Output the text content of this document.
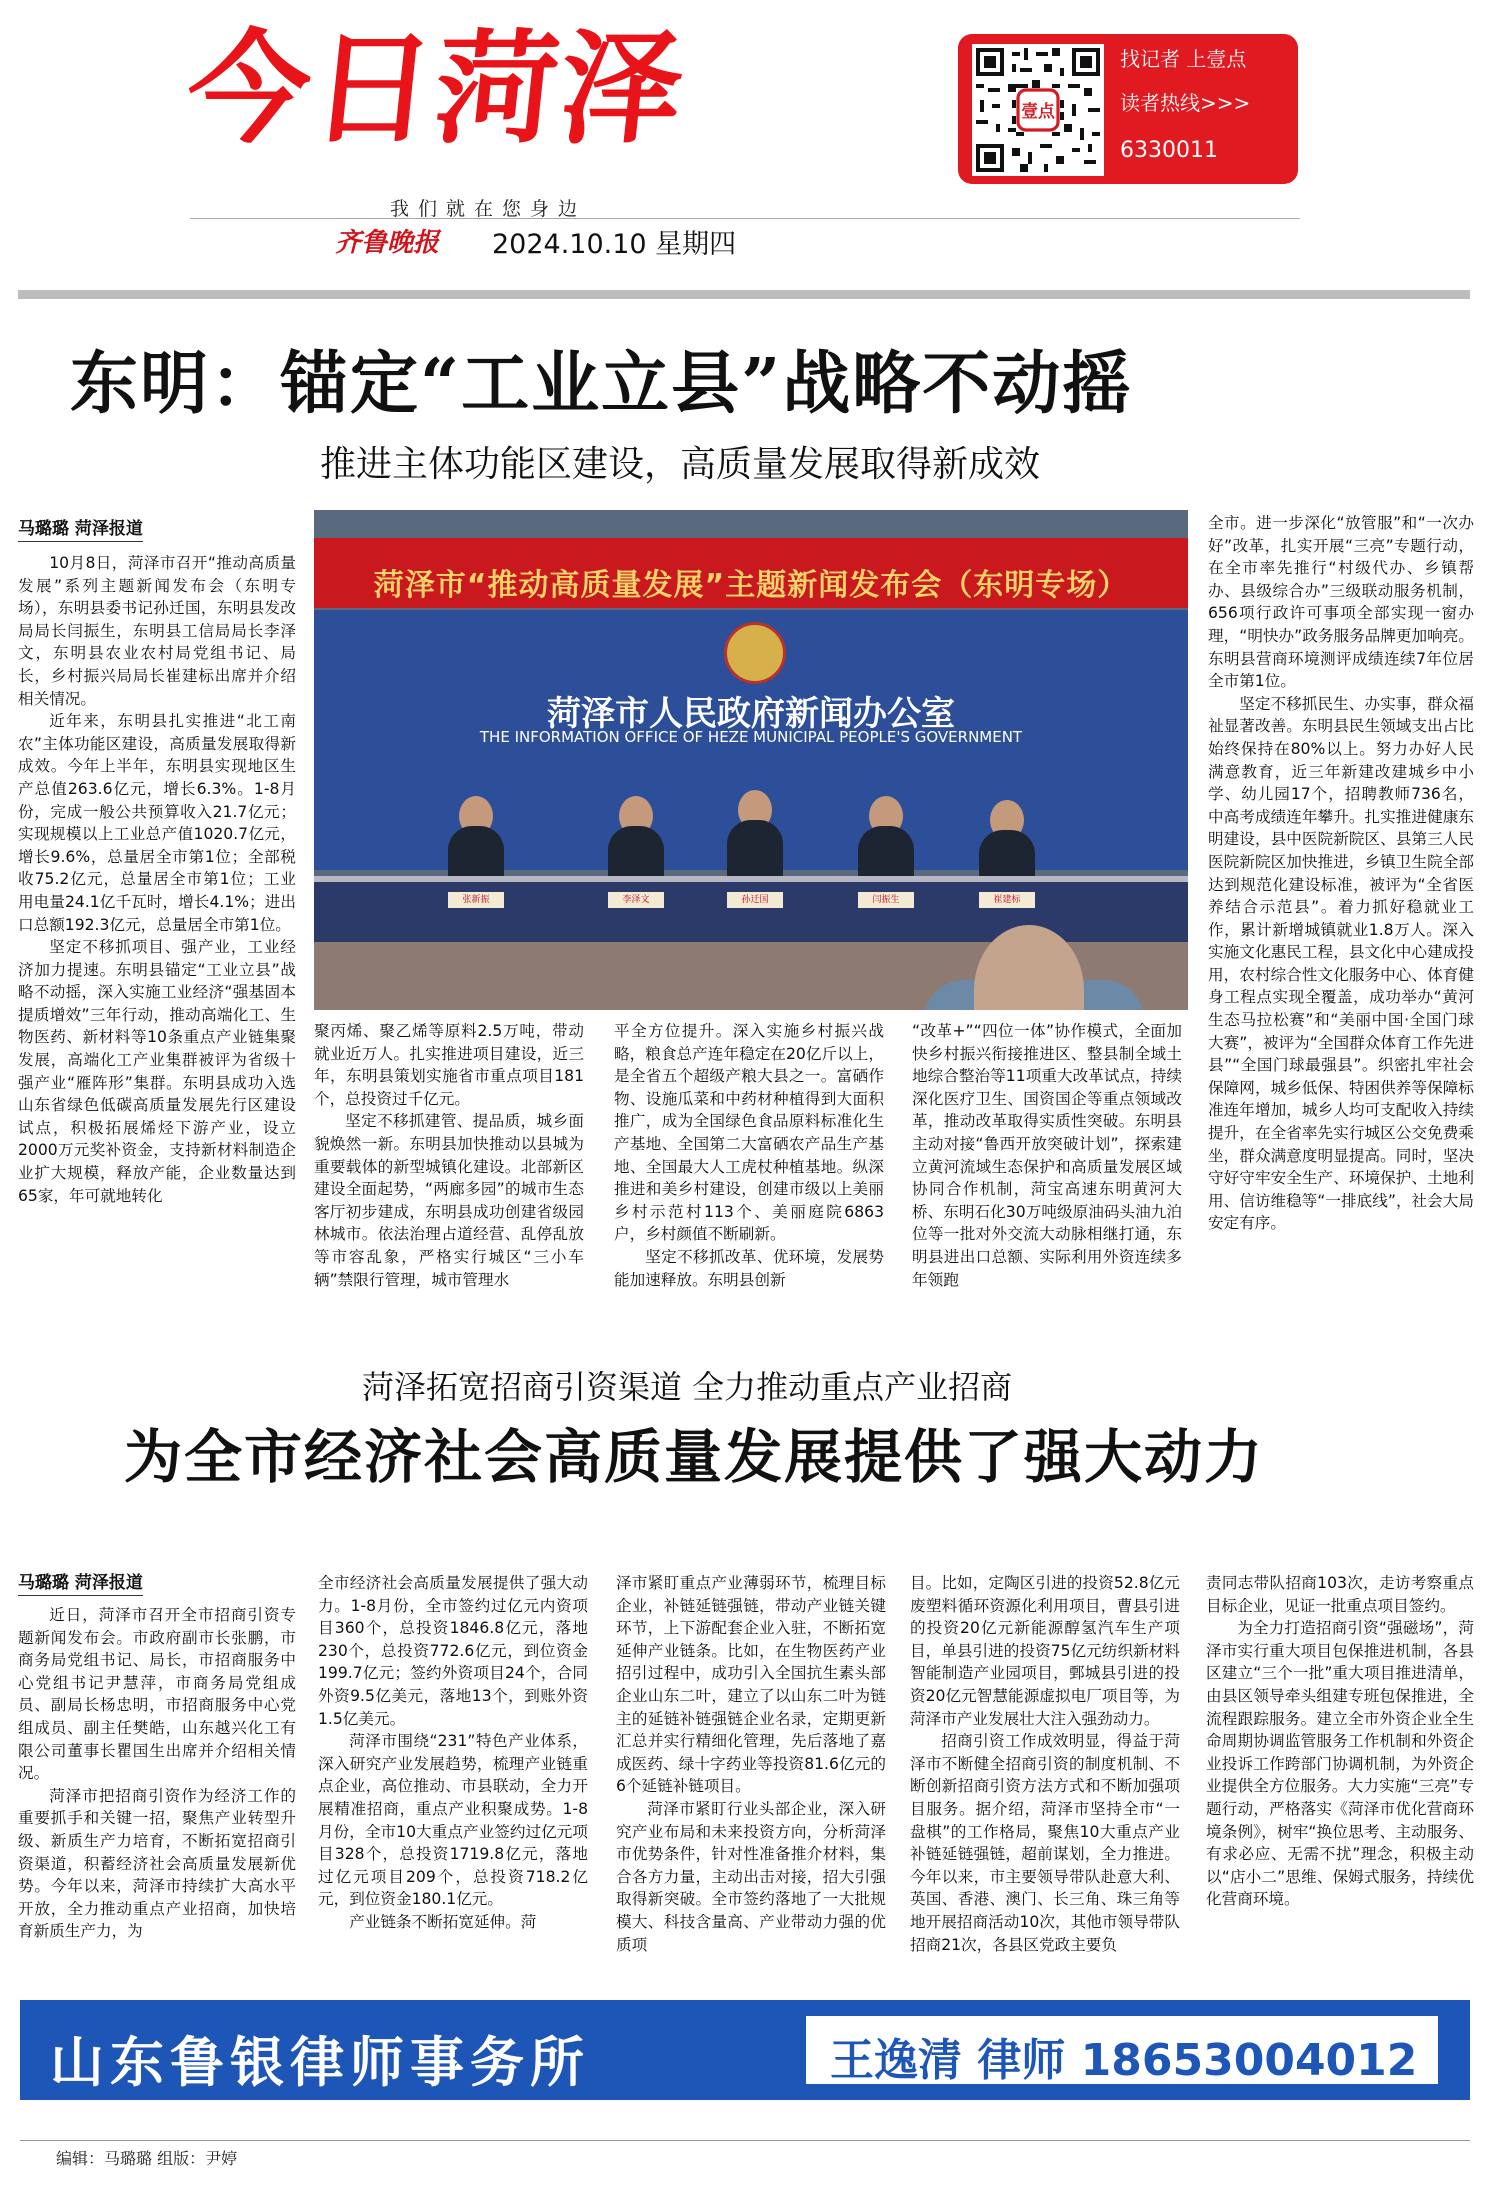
今日菏泽
我们就在您身边
齐鲁晚报 2024.10.10 星期四
壹点
找记者 上壹点
读者热线>>>
6330011
东明：锚定“工业立县”战略不动摇
推进主体功能区建设，高质量发展取得新成效
马璐璐 菏泽报道

10月8日，菏泽市召开“推动高质量发展”系列主题新闻发布会（东明专场），东明县委书记孙迁国，东明县发改局局长闫振生，东明县工信局局长李泽文，东明县农业农村局党组书记、局长，乡村振兴局局长崔建标出席并介绍相关情况。

近年来，东明县扎实推进“北工南农”主体功能区建设，高质量发展取得新成效。今年上半年，东明县实现地区生产总值263.6亿元，增长6.3%。1-8月份，完成一般公共预算收入21.7亿元；实现规模以上工业总产值1020.7亿元，增长9.6%，总量居全市第1位；全部税收75.2亿元，总量居全市第1位；工业用电量24.1亿千瓦时，增长4.1%；进出口总额192.3亿元，总量居全市第1位。

坚定不移抓项目、强产业，工业经济加力提速。东明县锚定“工业立县”战略不动摇，深入实施工业经济“强基固本 提质增效”三年行动，推动高端化工、生物医药、新材料等10条重点产业链集聚发展，高端化工产业集群被评为省级十强产业“雁阵形”集群。东明县成功入选山东省绿色低碳高质量发展先行区建设试点，积极拓展烯烃下游产业，设立2000万元奖补资金，支持新材料制造企业扩大规模，释放产能，企业数量达到65家，年可就地转化

菏泽市“推动高质量发展”主题新闻发布会（东明专场）
菏泽市人民政府新闻办公室
THE INFORMATION OFFICE OF HEZE MUNICIPAL PEOPLE'S GOVERNMENT
张新振	李泽文	孙迁国	闫振生	崔建标

聚丙烯、聚乙烯等原料2.5万吨，带动就业近万人。扎实推进项目建设，近三年，东明县策划实施省市重点项目181个，总投资过千亿元。

坚定不移抓建管、提品质，城乡面貌焕然一新。东明县加快推动以县城为重要载体的新型城镇化建设。北部新区建设全面起势，“两廊多园”的城市生态客厅初步建成，东明县成功创建省级园林城市。依法治理占道经营、乱停乱放等市容乱象，严格实行城区“三小车辆”禁限行管理，城市管理水

平全方位提升。深入实施乡村振兴战略，粮食总产连年稳定在20亿斤以上，是全省五个超级产粮大县之一。富硒作物、设施瓜菜和中药材种植得到大面积推广，成为全国绿色食品原料标准化生产基地、全国第二大富硒农产品生产基地、全国最大人工虎杖种植基地。纵深推进和美乡村建设，创建市级以上美丽乡村示范村113个、美丽庭院6863户，乡村颜值不断刷新。

坚定不移抓改革、优环境，发展势能加速释放。东明县创新

“改革+”“四位一体”协作模式，全面加快乡村振兴衔接推进区、整县制全域土地综合整治等11项重大改革试点，持续深化医疗卫生、国资国企等重点领域改革，推动改革取得实质性突破。东明县主动对接“鲁西开放突破计划”，探索建立黄河流域生态保护和高质量发展区域协同合作机制，菏宝高速东明黄河大桥、东明石化30万吨级原油码头油九泊位等一批对外交流大动脉相继打通，东明县进出口总额、实际利用外资连续多年领跑

全市。进一步深化“放管服”和“一次办好”改革，扎实开展“三亮”专题行动，在全市率先推行“村级代办、乡镇帮办、县级综合办”三级联动服务机制，656项行政许可事项全部实现一窗办理，“明快办”政务服务品牌更加响亮。东明县营商环境测评成绩连续7年位居全市第1位。

坚定不移抓民生、办实事，群众福祉显著改善。东明县民生领域支出占比始终保持在80%以上。努力办好人民满意教育，近三年新建改建城乡中小学、幼儿园17个，招聘教师736名，中高考成绩连年攀升。扎实推进健康东明建设，县中医院新院区、县第三人民医院新院区加快推进，乡镇卫生院全部达到规范化建设标准，被评为“全省医养结合示范县”。着力抓好稳就业工作，累计新增城镇就业1.8万人。深入实施文化惠民工程，县文化中心建成投用，农村综合性文化服务中心、体育健身工程点实现全覆盖，成功举办“黄河生态马拉松赛”和“美丽中国·全国门球大赛”，被评为“全国群众体育工作先进县”“全国门球最强县”。织密扎牢社会保障网，城乡低保、特困供养等保障标准连年增加，城乡人均可支配收入持续提升，在全省率先实行城区公交免费乘坐，群众满意度明显提高。同时，坚决守好守牢安全生产、环境保护、土地利用、信访维稳等“一排底线”，社会大局安定有序。

菏泽拓宽招商引资渠道 全力推动重点产业招商
为全市经济社会高质量发展提供了强大动力
马璐璐 菏泽报道

近日，菏泽市召开全市招商引资专题新闻发布会。市政府副市长张鹏，市商务局党组书记、局长，市招商服务中心党组书记尹慧萍，市商务局党组成员、副局长杨忠明，市招商服务中心党组成员、副主任樊皓，山东越兴化工有限公司董事长瞿国生出席并介绍相关情况。

菏泽市把招商引资作为经济工作的重要抓手和关键一招，聚焦产业转型升级、新质生产力培育，不断拓宽招商引资渠道，积蓄经济社会高质量发展新优势。今年以来，菏泽市持续扩大高水平开放，全力推动重点产业招商，加快培育新质生产力，为

全市经济社会高质量发展提供了强大动力。1-8月份，全市签约过亿元内资项目360个，总投资1846.8亿元，落地230个，总投资772.6亿元，到位资金199.7亿元；签约外资项目24个，合同外资9.5亿美元，落地13个，到账外资1.5亿美元。

菏泽市围绕“231”特色产业体系，深入研究产业发展趋势，梳理产业链重点企业，高位推动、市县联动，全力开展精准招商，重点产业积聚成势。1-8月份，全市10大重点产业签约过亿元项目328个，总投资1719.8亿元，落地过亿元项目209个，总投资718.2亿元，到位资金180.1亿元。

产业链条不断拓宽延伸。菏

泽市紧盯重点产业薄弱环节，梳理目标企业，补链延链强链，带动产业链关键环节，上下游配套企业入驻，不断拓宽延伸产业链条。比如，在生物医药产业招引过程中，成功引入全国抗生素头部企业山东二叶，建立了以山东二叶为链主的延链补链强链企业名录，定期更新汇总并实行精细化管理，先后落地了嘉成医药、绿十字药业等投资81.6亿元的6个延链补链项目。

菏泽市紧盯行业头部企业，深入研究产业布局和未来投资方向，分析菏泽市优势条件，针对性准备推介材料，集合各方力量，主动出击对接，招大引强取得新突破。全市签约落地了一大批规模大、科技含量高、产业带动力强的优质项

目。比如，定陶区引进的投资52.8亿元废塑料循环资源化利用项目，曹县引进的投资20亿元新能源醇氢汽车生产项目，单县引进的投资75亿元纺织新材料智能制造产业园项目，鄄城县引进的投资20亿元智慧能源虚拟电厂项目等，为菏泽市产业发展壮大注入强劲动力。

招商引资工作成效明显，得益于菏泽市不断健全招商引资的制度机制、不断创新招商引资方法方式和不断加强项目服务。据介绍，菏泽市坚持全市“一盘棋”的工作格局，聚焦10大重点产业补链延链强链，超前谋划，全力推进。今年以来，市主要领导带队赴意大利、英国、香港、澳门、长三角、珠三角等地开展招商活动10次，其他市领导带队招商21次，各县区党政主要负

责同志带队招商103次，走访考察重点目标企业，见证一批重点项目签约。

为全力打造招商引资“强磁场”，菏泽市实行重大项目包保推进机制，各县区建立“三个一批”重大项目推进清单，由县区领导牵头组建专班包保推进，全流程跟踪服务。建立全市外资企业全生命周期协调监管服务工作机制和外资企业投诉工作跨部门协调机制，为外资企业提供全方位服务。大力实施“三亮”专题行动，严格落实《菏泽市优化营商环境条例》，树牢“换位思考、主动服务、有求必应、无需不扰”理念，积极主动以“店小二”思维、保姆式服务，持续优化营商环境。

山东鲁银律师事务所	王逸清 律师 18653004012
编辑：马璐璐 组版：尹婷
